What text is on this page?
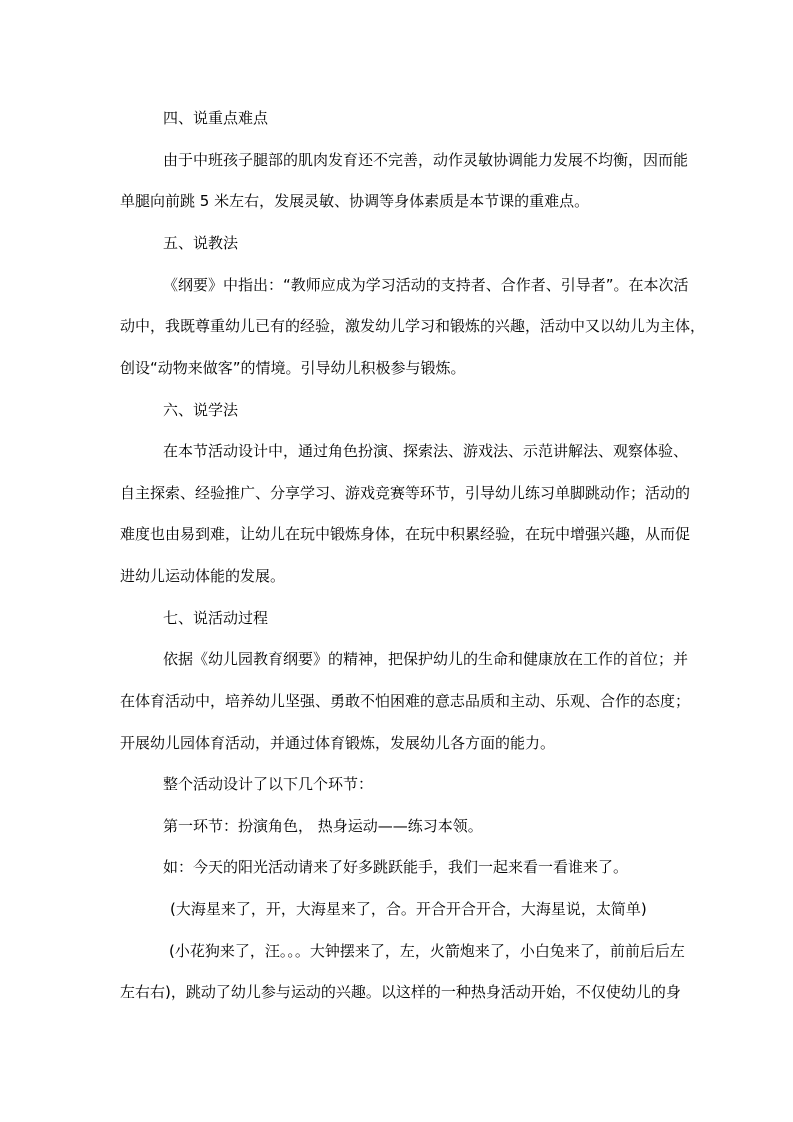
四、说重点难点
由于中班孩子腿部的肌肉发育还不完善，动作灵敏协调能力发展不均衡，因而能
单腿向前跳 5 米左右，发展灵敏、协调等身体素质是本节课的重难点。
五、说教法
《纲要》中指出：“教师应成为学习活动的支持者、合作者、引导者”。在本次活
动中，我既尊重幼儿已有的经验，激发幼儿学习和锻炼的兴趣，活动中又以幼儿为主体，
创设“动物来做客”的情境。引导幼儿积极参与锻炼。
六、说学法
在本节活动设计中，通过角色扮演、探索法、游戏法、示范讲解法、观察体验、
自主探索、经验推广、分享学习、游戏竞赛等环节，引导幼儿练习单脚跳动作；活动的
难度也由易到难，让幼儿在玩中锻炼身体，在玩中积累经验，在玩中增强兴趣，从而促
进幼儿运动体能的发展。
七、说活动过程
依据《幼儿园教育纲要》的精神，把保护幼儿的生命和健康放在工作的首位；并
在体育活动中，培养幼儿坚强、勇敢不怕困难的意志品质和主动、乐观、合作的态度；
开展幼儿园体育活动，并通过体育锻炼，发展幼儿各方面的能力。
整个活动设计了以下几个环节：
第一环节：扮演角色， 热身运动——练习本领。
如：今天的阳光活动请来了好多跳跃能手，我们一起来看一看谁来了。
(大海星来了，开，大海星来了，合。开合开合开合，大海星说，太简单)
(小花狗来了，汪。。。大钟摆来了，左，火箭炮来了，小白兔来了，前前后后左
左右右)，跳动了幼儿参与运动的兴趣。以这样的一种热身活动开始，不仅使幼儿的身
